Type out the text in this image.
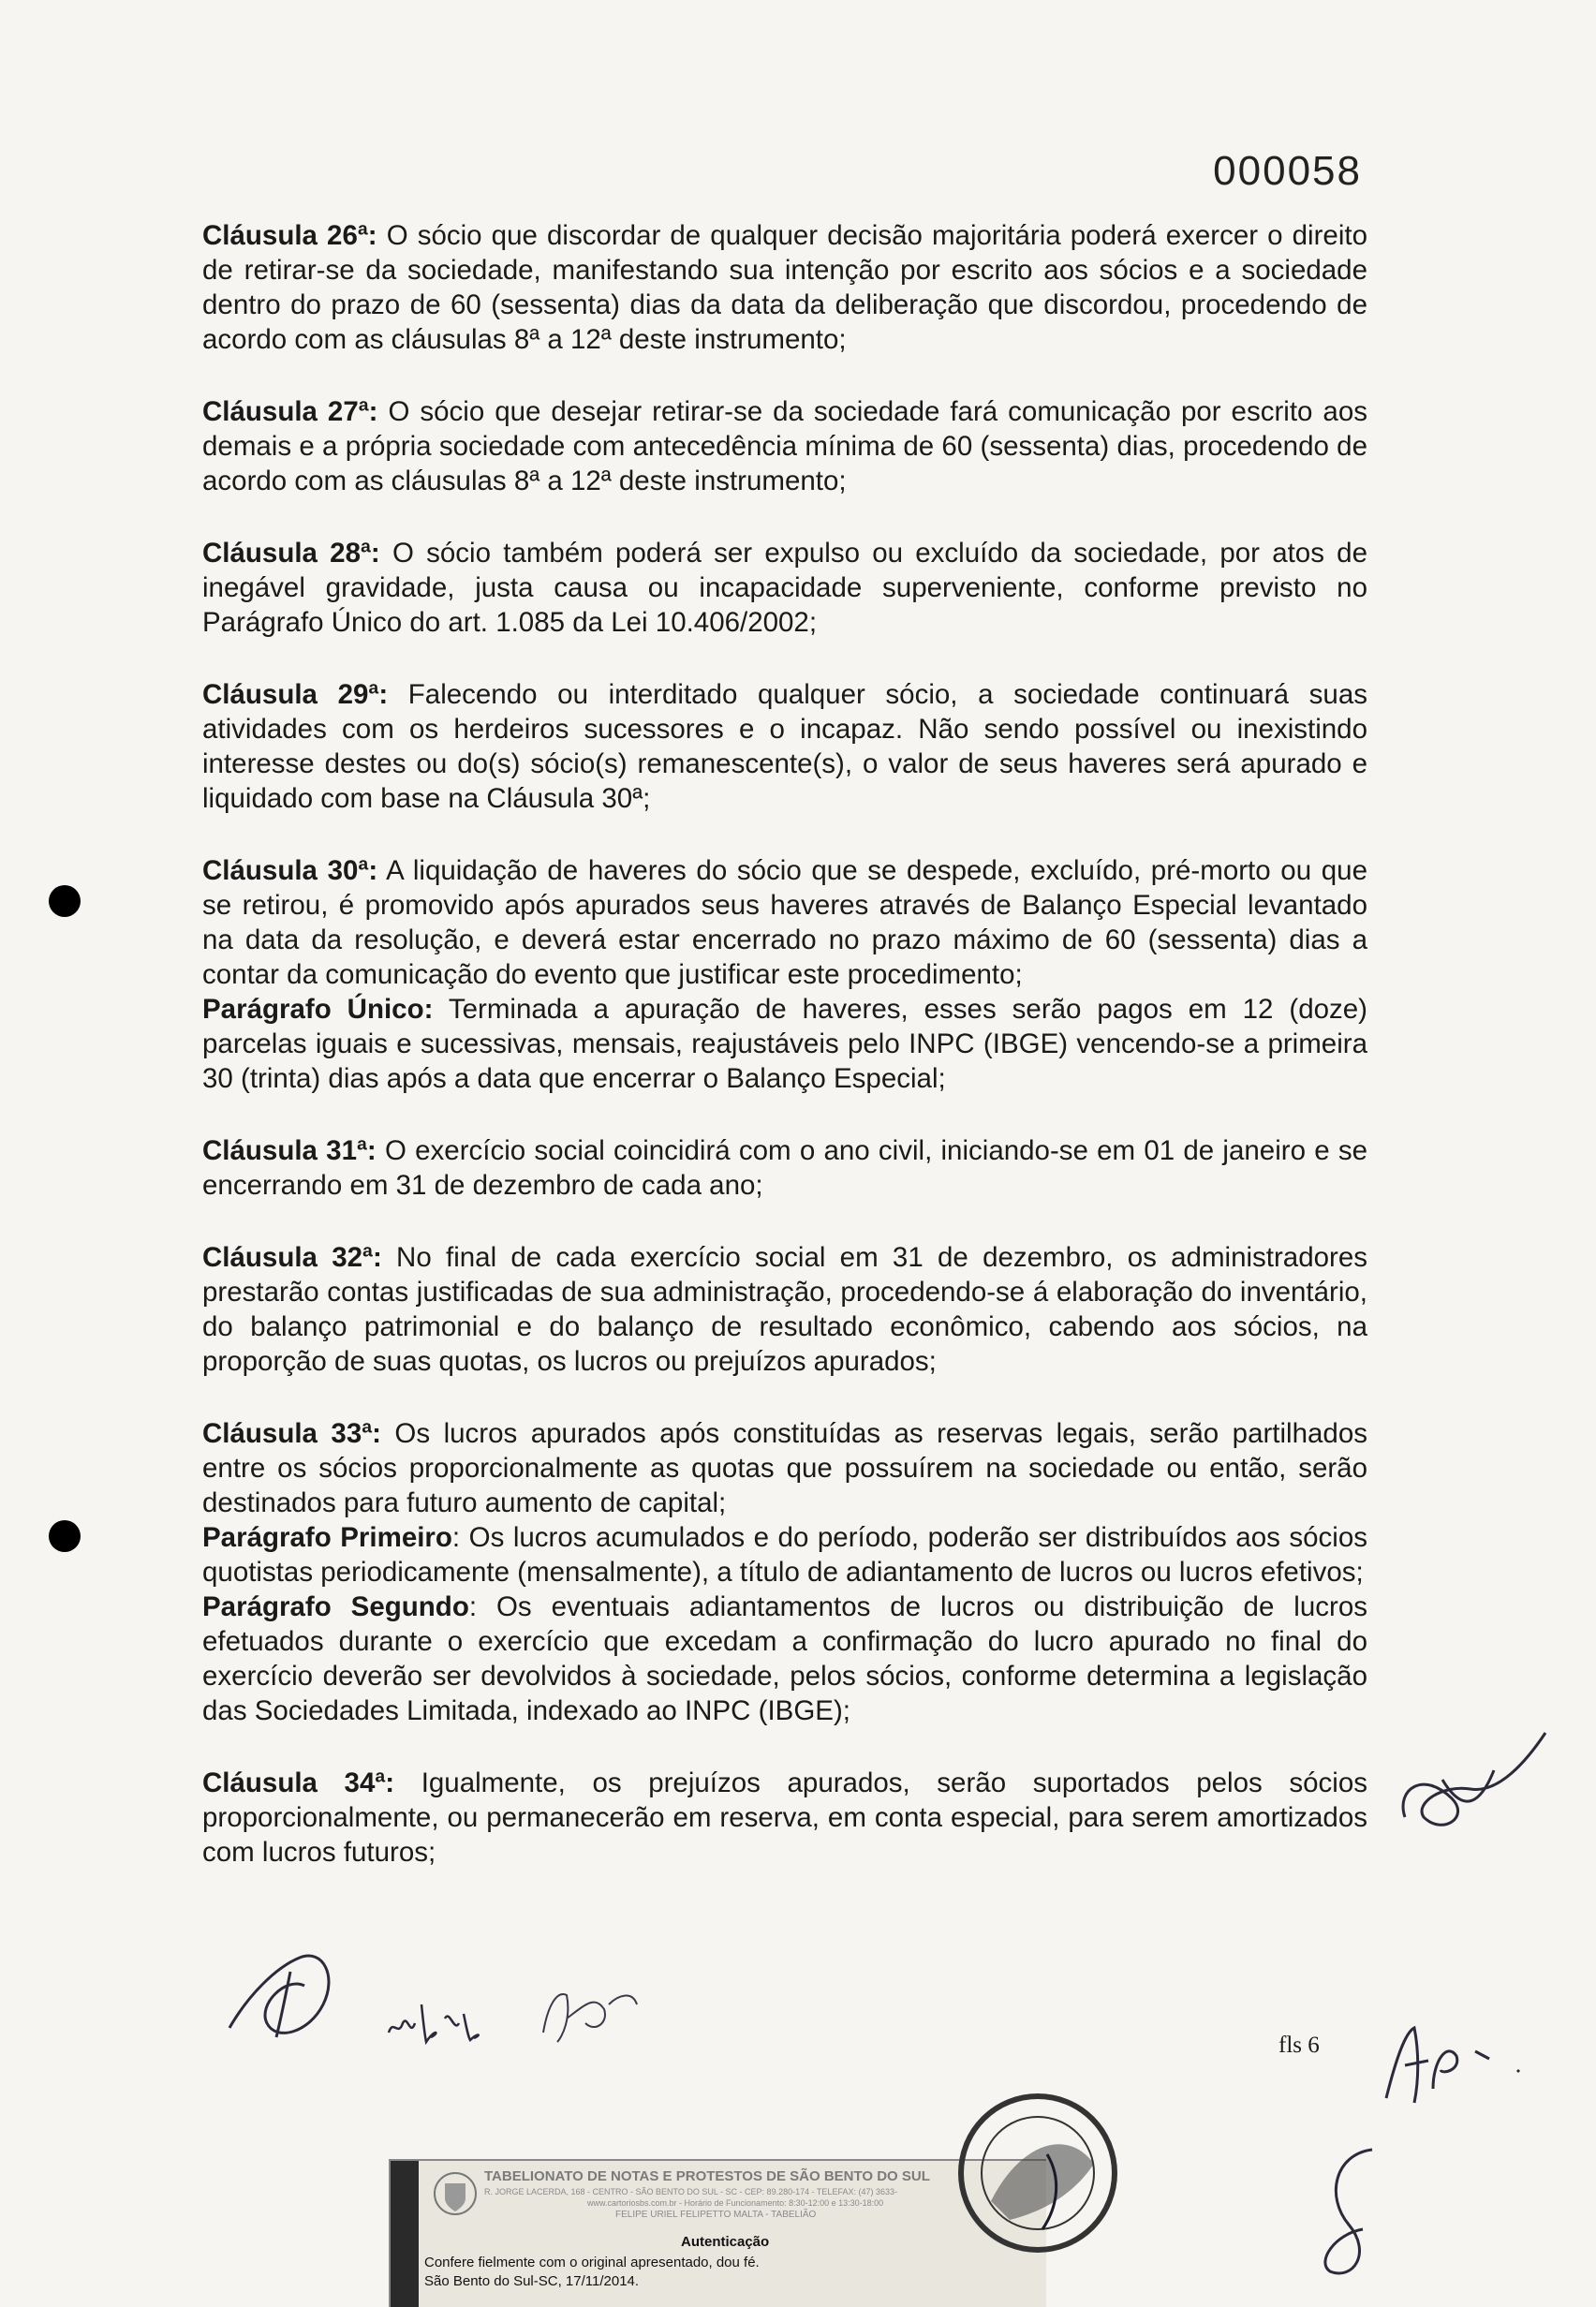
000058

Cláusula 26ª: O sócio que discordar de qualquer decisão majoritária poderá exercer o direito de retirar-se da sociedade, manifestando sua intenção por escrito aos sócios e a sociedade dentro do prazo de 60 (sessenta) dias da data da deliberação que discordou, procedendo de acordo com as cláusulas 8ª a 12ª deste instrumento;

Cláusula 27ª: O sócio que desejar retirar-se da sociedade fará comunicação por escrito aos demais e a própria sociedade com antecedência mínima de 60 (sessenta) dias, procedendo de acordo com as cláusulas 8ª a 12ª deste instrumento;

Cláusula 28ª: O sócio também poderá ser expulso ou excluído da sociedade, por atos de inegável gravidade, justa causa ou incapacidade superveniente, conforme previsto no Parágrafo Único do art. 1.085 da Lei 10.406/2002;

Cláusula 29ª: Falecendo ou interditado qualquer sócio, a sociedade continuará suas atividades com os herdeiros sucessores e o incapaz. Não sendo possível ou inexistindo interesse destes ou do(s) sócio(s) remanescente(s), o valor de seus haveres será apurado e liquidado com base na Cláusula 30ª;

Cláusula 30ª: A liquidação de haveres do sócio que se despede, excluído, pré-morto ou que se retirou, é promovido após apurados seus haveres através de Balanço Especial levantado na data da resolução, e deverá estar encerrado no prazo máximo de 60 (sessenta) dias a contar da comunicação do evento que justificar este procedimento;

Parágrafo Único: Terminada a apuração de haveres, esses serão pagos em 12 (doze) parcelas iguais e sucessivas, mensais, reajustáveis pelo INPC (IBGE) vencendo-se a primeira 30 (trinta) dias após a data que encerrar o Balanço Especial;

Cláusula 31ª: O exercício social coincidirá com o ano civil, iniciando-se em 01 de janeiro e se encerrando em 31 de dezembro de cada ano;

Cláusula 32ª: No final de cada exercício social em 31 de dezembro, os administradores prestarão contas justificadas de sua administração, procedendo-se á elaboração do inventário, do balanço patrimonial e do balanço de resultado econômico, cabendo aos sócios, na proporção de suas quotas, os lucros ou prejuízos apurados;

Cláusula 33ª: Os lucros apurados após constituídas as reservas legais, serão partilhados entre os sócios proporcionalmente as quotas que possuírem na sociedade ou então, serão destinados para futuro aumento de capital;

Parágrafo Primeiro: Os lucros acumulados e do período, poderão ser distribuídos aos sócios quotistas periodicamente (mensalmente), a título de adiantamento de lucros ou lucros efetivos;

Parágrafo Segundo: Os eventuais adiantamentos de lucros ou distribuição de lucros efetuados durante o exercício que excedam a confirmação do lucro apurado no final do exercício deverão ser devolvidos à sociedade, pelos sócios, conforme determina a legislação das Sociedades Limitada, indexado ao INPC (IBGE);

Cláusula 34ª: Igualmente, os prejuízos apurados, serão suportados pelos sócios proporcionalmente, ou permanecerão em reserva, em conta especial, para serem amortizados com lucros futuros;

fls 6
TABELIONATO DE NOTAS E PROTESTOS DE SÃO BENTO DO SUL
R. JORGE LACERDA, 168 - CENTRO - SÃO BENTO DO SUL - SC - CEP: 89.280-174 - TELEFAX: (47) 3633-
www.cartoriosbs.com.br - Horário de Funcionamento: 8:30-12:00 e 13:30-18:00
FELIPE URIEL FELIPETTO MALTA - TABELIÃO
Autenticação
Confere fielmente com o original apresentado, dou fé.
São Bento do Sul-SC, 17/11/2014.
